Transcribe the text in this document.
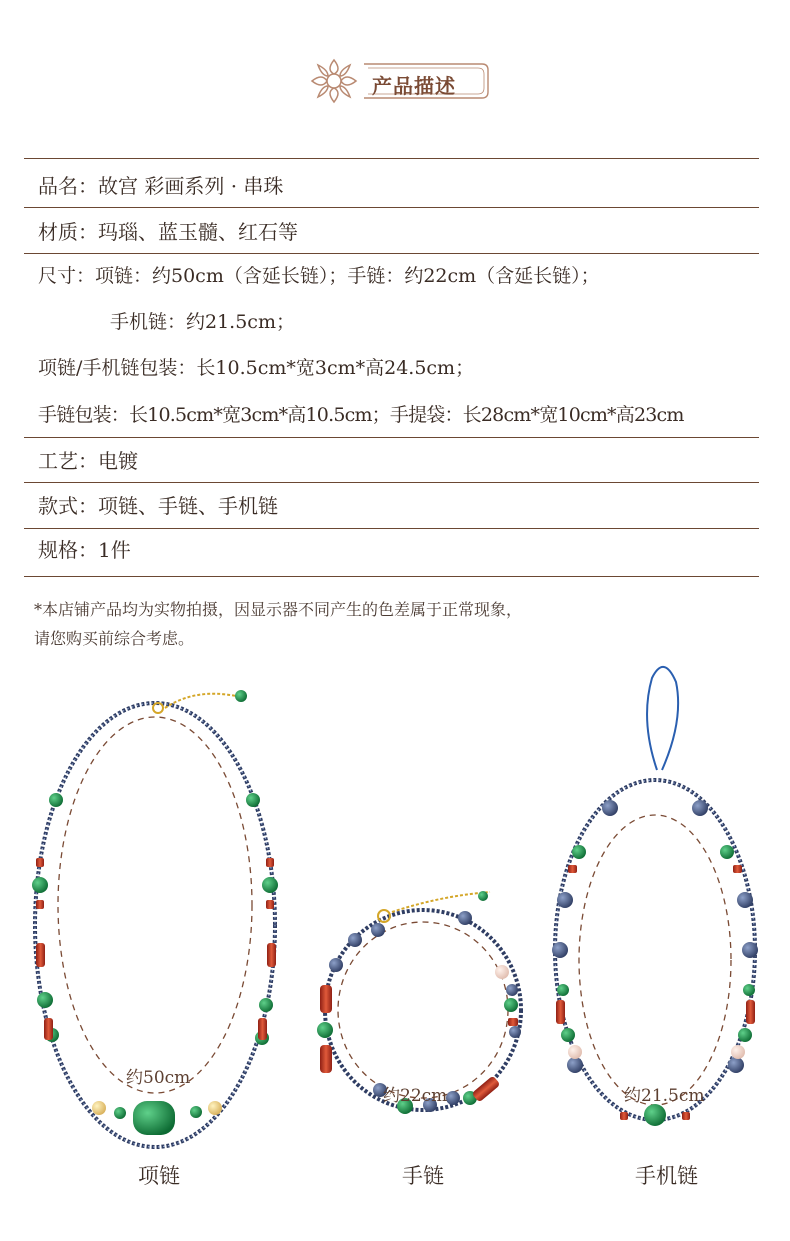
产品描述
品名：故宫 彩画系列 · 串珠
材质：玛瑙、蓝玉髓、红石等
尺寸：项链：约50cm（含延长链）；手链：约22cm（含延长链）；
手机链：约21.5cm；
项链/手机链包装：长10.5cm*宽3cm*高24.5cm；
手链包装：长10.5cm*宽3cm*高10.5cm；手提袋：长28cm*宽10cm*高23cm
工艺：电镀
款式：项链、手链、手机链
规格：1件
*本店铺产品均为实物拍摄，因显示器不同产生的色差属于正常现象，
请您购买前综合考虑。
约50cm
约22cm	约21.5cm
项链	手链	手机链
